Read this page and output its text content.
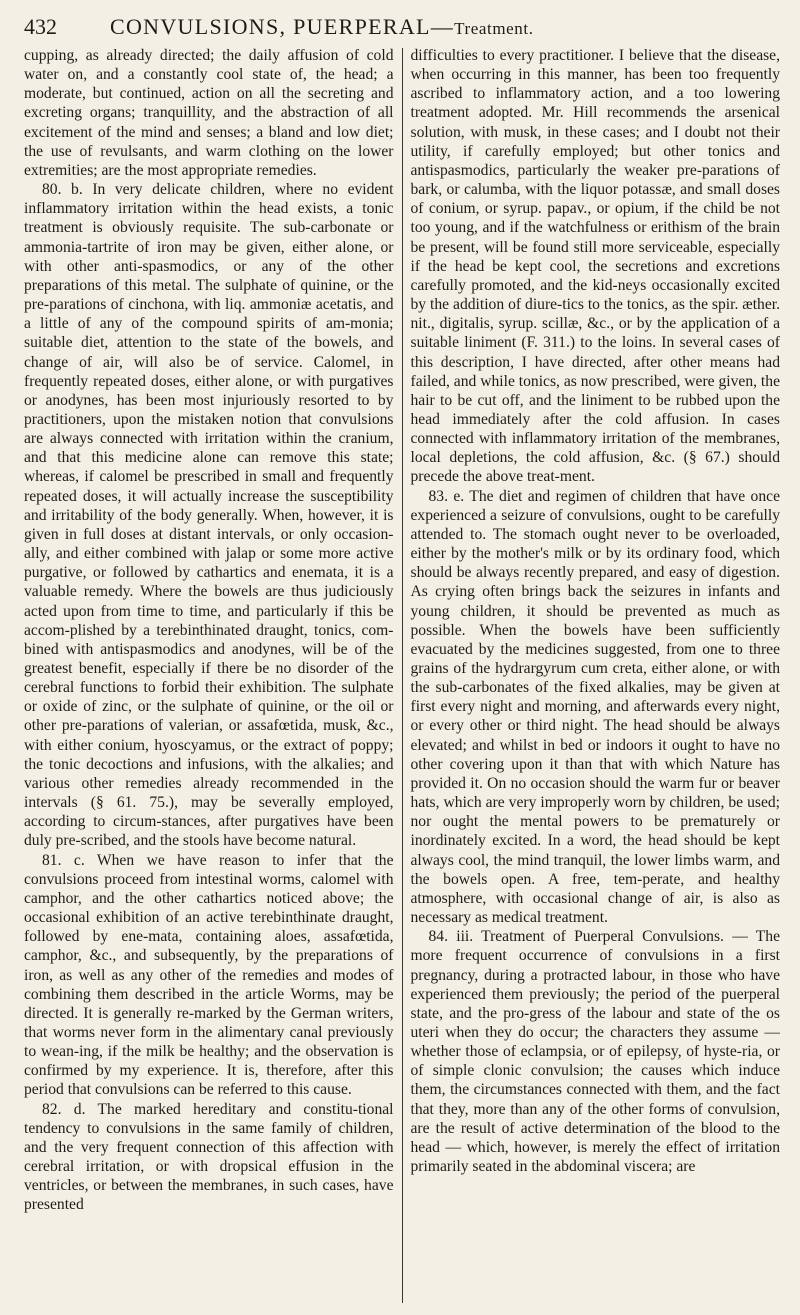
432 CONVULSIONS, PUERPERAL—Treatment.

cupping, as already directed; the daily affusion of cold water on, and a constantly cool state of, the head; a moderate, but continued, action on all the secreting and excreting organs; tranquillity, and the abstraction of all excitement of the mind and senses; a bland and low diet; the use of revulsants, and warm clothing on the lower extremities; are the most appropriate remedies.

80. b. In very delicate children, where no evident inflammatory irritation within the head exists, a tonic treatment is obviously requisite. The sub-carbonate or ammonia-tartrite of iron may be given, either alone, or with other anti-spasmodics, or any of the other preparations of this metal. The sulphate of quinine, or the pre-parations of cinchona, with liq. ammoniæ acetatis, and a little of any of the compound spirits of am-monia; suitable diet, attention to the state of the bowels, and change of air, will also be of service. Calomel, in frequently repeated doses, either alone, or with purgatives or anodynes, has been most injuriously resorted to by practitioners, upon the mistaken notion that convulsions are always connected with irritation within the cranium, and that this medicine alone can remove this state; whereas, if calomel be prescribed in small and frequently repeated doses, it will actually increase the susceptibility and irritability of the body generally. When, however, it is given in full doses at distant intervals, or only occasion-ally, and either combined with jalap or some more active purgative, or followed by cathartics and enemata, it is a valuable remedy. Where the bowels are thus judiciously acted upon from time to time, and particularly if this be accom-plished by a terebinthinated draught, tonics, com-bined with antispasmodics and anodynes, will be of the greatest benefit, especially if there be no disorder of the cerebral functions to forbid their exhibition. The sulphate or oxide of zinc, or the sulphate of quinine, or the oil or other pre-parations of valerian, or assafœtida, musk, &c., with either conium, hyoscyamus, or the extract of poppy; the tonic decoctions and infusions, with the alkalies; and various other remedies already recommended in the intervals (§ 61. 75.), may be severally employed, according to circum-stances, after purgatives have been duly pre-scribed, and the stools have become natural.

81. c. When we have reason to infer that the convulsions proceed from intestinal worms, calomel with camphor, and the other cathartics noticed above; the occasional exhibition of an active terebinthinate draught, followed by ene-mata, containing aloes, assafœtida, camphor, &c., and subsequently, by the preparations of iron, as well as any other of the remedies and modes of combining them described in the article Worms, may be directed. It is generally re-marked by the German writers, that worms never form in the alimentary canal previously to wean-ing, if the milk be healthy; and the observation is confirmed by my experience. It is, therefore, after this period that convulsions can be referred to this cause.

82. d. The marked hereditary and constitu-tional tendency to convulsions in the same family of children, and the very frequent connection of this affection with cerebral irritation, or with dropsical effusion in the ventricles, or between the membranes, in such cases, have presented

difficulties to every practitioner. I believe that the disease, when occurring in this manner, has been too frequently ascribed to inflammatory action, and a too lowering treatment adopted. Mr. Hill recommends the arsenical solution, with musk, in these cases; and I doubt not their utility, if carefully employed; but other tonics and antispasmodics, particularly the weaker pre-parations of bark, or calumba, with the liquor potassæ, and small doses of conium, or syrup. papav., or opium, if the child be not too young, and if the watchfulness or erithism of the brain be present, will be found still more serviceable, especially if the head be kept cool, the secretions and excretions carefully promoted, and the kid-neys occasionally excited by the addition of diure-tics to the tonics, as the spir. æther. nit., digitalis, syrup. scillæ, &c., or by the application of a suitable liniment (F. 311.) to the loins. In several cases of this description, I have directed, after other means had failed, and while tonics, as now prescribed, were given, the hair to be cut off, and the liniment to be rubbed upon the head immediately after the cold affusion. In cases connected with inflammatory irritation of the membranes, local depletions, the cold affusion, &c. (§ 67.) should precede the above treat-ment.

83. e. The diet and regimen of children that have once experienced a seizure of convulsions, ought to be carefully attended to. The stomach ought never to be overloaded, either by the mother's milk or by its ordinary food, which should be always recently prepared, and easy of digestion. As crying often brings back the seizures in infants and young children, it should be prevented as much as possible. When the bowels have been sufficiently evacuated by the medicines suggested, from one to three grains of the hydrargyrum cum creta, either alone, or with the sub-carbonates of the fixed alkalies, may be given at first every night and morning, and afterwards every night, or every other or third night. The head should be always elevated; and whilst in bed or indoors it ought to have no other covering upon it than that with which Nature has provided it. On no occasion should the warm fur or beaver hats, which are very improperly worn by children, be used; nor ought the mental powers to be prematurely or inordinately excited. In a word, the head should be kept always cool, the mind tranquil, the lower limbs warm, and the bowels open. A free, tem-perate, and healthy atmosphere, with occasional change of air, is also as necessary as medical treatment.

84. iii. Treatment of Puerperal Convulsions. — The more frequent occurrence of convulsions in a first pregnancy, during a protracted labour, in those who have experienced them previously; the period of the puerperal state, and the pro-gress of the labour and state of the os uteri when they do occur; the characters they assume — whether those of eclampsia, or of epilepsy, of hyste-ria, or of simple clonic convulsion; the causes which induce them, the circumstances connected with them, and the fact that they, more than any of the other forms of convulsion, are the result of active determination of the blood to the head — which, however, is merely the effect of irritation primarily seated in the abdominal viscera; are
